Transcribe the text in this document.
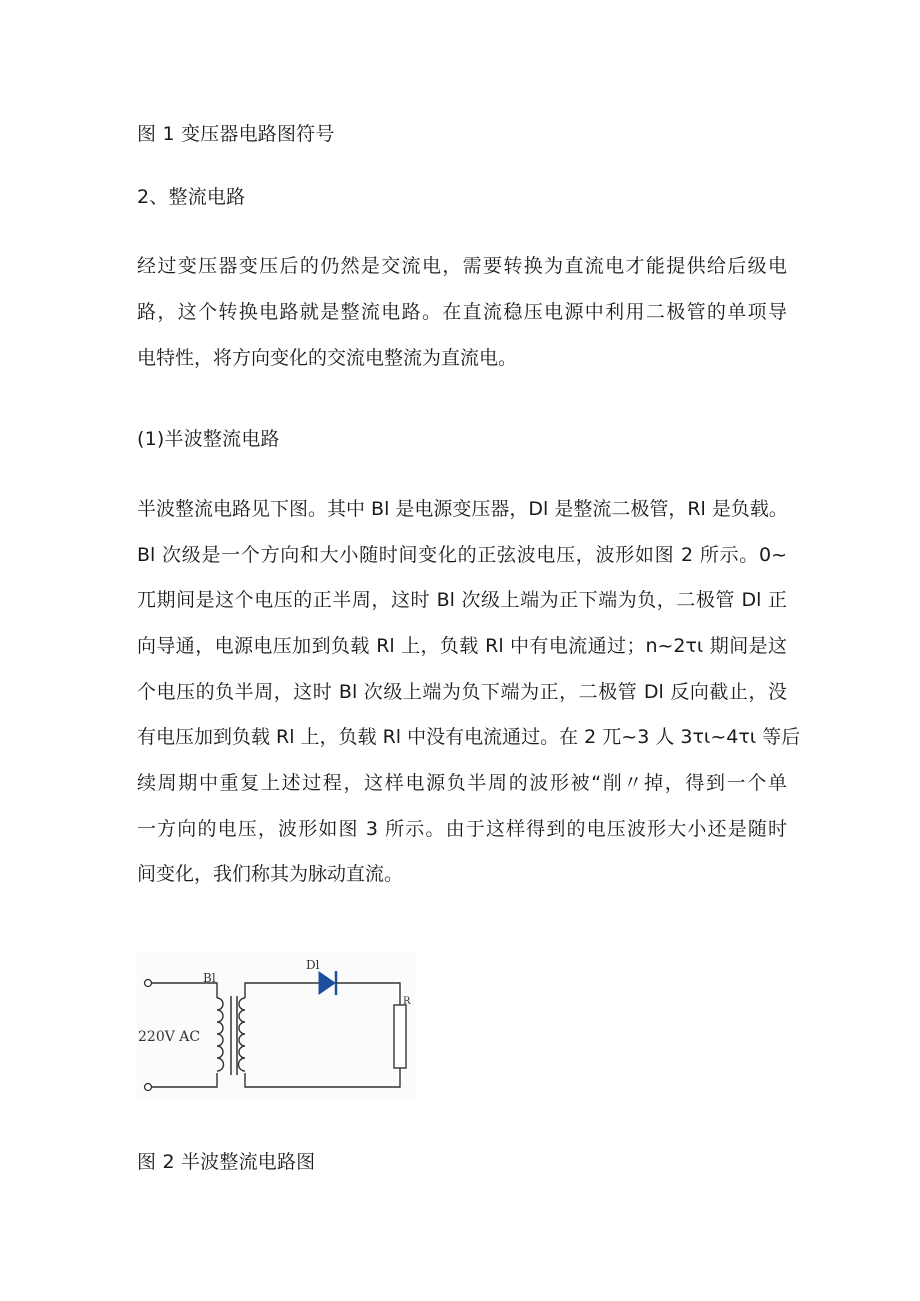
图 1 变压器电路图符号
2、整流电路
经过变压器变压后的仍然是交流电，需要转换为直流电才能提供给后级电
路，这个转换电路就是整流电路。在直流稳压电源中利用二极管的单项导
电特性，将方向变化的交流电整流为直流电。
(1)半波整流电路
半波整流电路见下图。其中 Bl 是电源变压器，Dl 是整流二极管，Rl 是负载。
Bl 次级是一个方向和大小随时间变化的正弦波电压，波形如图 2 所示。0~
兀期间是这个电压的正半周，这时 Bl 次级上端为正下端为负，二极管 Dl 正
向导通，电源电压加到负载 Rl 上，负载 Rl 中有电流通过；n~2τι 期间是这
个电压的负半周，这时 Bl 次级上端为负下端为正，二极管 Dl 反向截止，没
有电压加到负载 Rl 上，负载 Rl 中没有电流通过。在 2 兀~3 人 3τι~4τι 等后
续周期中重复上述过程，这样电源负半周的波形被“削〃掉，得到一个单
一方向的电压，波形如图 3 所示。由于这样得到的电压波形大小还是随时
间变化，我们称其为脉动直流。
Bl
Dl
R
220V AC
图 2 半波整流电路图
